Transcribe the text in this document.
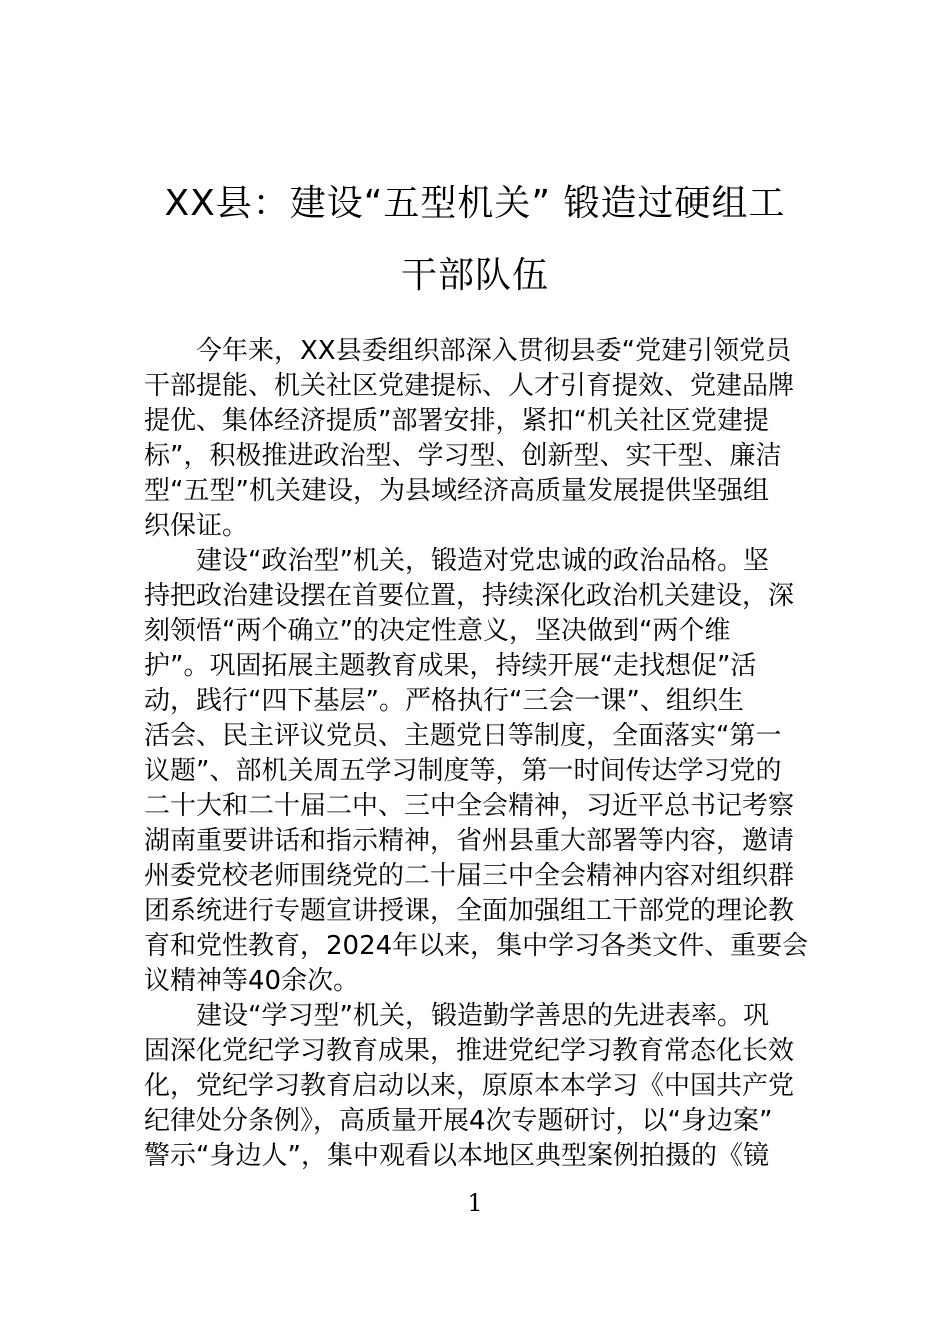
XX县：建设“五型机关” 锻造过硬组工
干部队伍

今年来，XX县委组织部深入贯彻县委“党建引领党员
干部提能、机关社区党建提标、人才引育提效、党建品牌
提优、集体经济提质”部署安排，紧扣“机关社区党建提
标”，积极推进政治型、学习型、创新型、实干型、廉洁
型“五型”机关建设，为县域经济高质量发展提供坚强组
织保证。

建设“政治型”机关，锻造对党忠诚的政治品格。坚
持把政治建设摆在首要位置，持续深化政治机关建设，深
刻领悟“两个确立”的决定性意义，坚决做到“两个维
护”。巩固拓展主题教育成果，持续开展“走找想促”活
动，践行“四下基层”。严格执行“三会一课”、组织生
活会、民主评议党员、主题党日等制度，全面落实“第一
议题”、部机关周五学习制度等，第一时间传达学习党的
二十大和二十届二中、三中全会精神，习近平总书记考察
湖南重要讲话和指示精神，省州县重大部署等内容，邀请
州委党校老师围绕党的二十届三中全会精神内容对组织群
团系统进行专题宣讲授课，全面加强组工干部党的理论教
育和党性教育，2024年以来，集中学习各类文件、重要会
议精神等40余次。

建设“学习型”机关，锻造勤学善思的先进表率。巩
固深化党纪学习教育成果，推进党纪学习教育常态化长效
化，党纪学习教育启动以来，原原本本学习《中国共产党
纪律处分条例》，高质量开展4次专题研讨，以“身边案”
警示“身边人”，集中观看以本地区典型案例拍摄的《镜

1
